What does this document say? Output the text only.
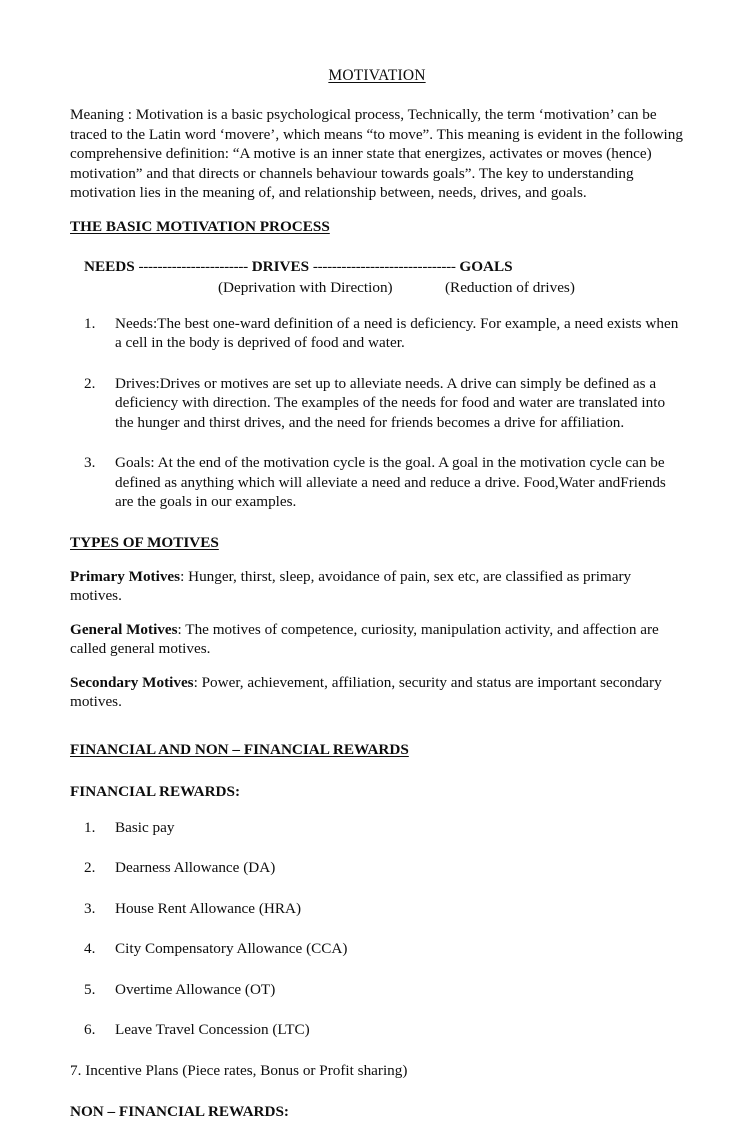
MOTIVATION

Meaning : Motivation is a basic psychological process, Technically, the term ‘motivation’ can be traced to the Latin word ‘movere’, which means “to move”. This meaning is evident in the following comprehensive definition: “A motive is an inner state that energizes, activates or moves (hence) motivation” and that directs or channels behaviour towards goals”. The key to understanding motivation lies in the meaning of, and relationship between, needs, drives, and goals.

THE BASIC MOTIVATION PROCESS
NEEDS ----------------------- DRIVES ------------------------------ GOALS
(Deprivation with Direction)	(Reduction of drives)
1. Needs:The best one-ward definition of a need is deficiency. For example, a need exists when a cell in the body is deprived of food and water.
2. Drives:Drives or motives are set up to alleviate needs. A drive can simply be defined as a deficiency with direction. The examples of the needs for food and water are translated into the hunger and thirst drives, and the need for friends becomes a drive for affiliation.
3. Goals: At the end of the motivation cycle is the goal. A goal in the motivation cycle can be defined as anything which will alleviate a need and reduce a drive. Food,Water andFriends are the goals in our examples.
TYPES OF MOTIVES

Primary Motives: Hunger, thirst, sleep, avoidance of pain, sex etc, are classified as primary motives.

General Motives: The motives of competence, curiosity, manipulation activity, and affection are called general motives.

Secondary Motives: Power, achievement, affiliation, security and status are important secondary motives.

FINANCIAL AND NON – FINANCIAL REWARDS
FINANCIAL REWARDS:
1. Basic pay
2. Dearness Allowance (DA)
3. House Rent Allowance (HRA)
4. City Compensatory Allowance (CCA)
5. Overtime Allowance (OT)
6. Leave Travel Concession (LTC)
7. Incentive Plans (Piece rates, Bonus or Profit sharing)
NON – FINANCIAL REWARDS:
